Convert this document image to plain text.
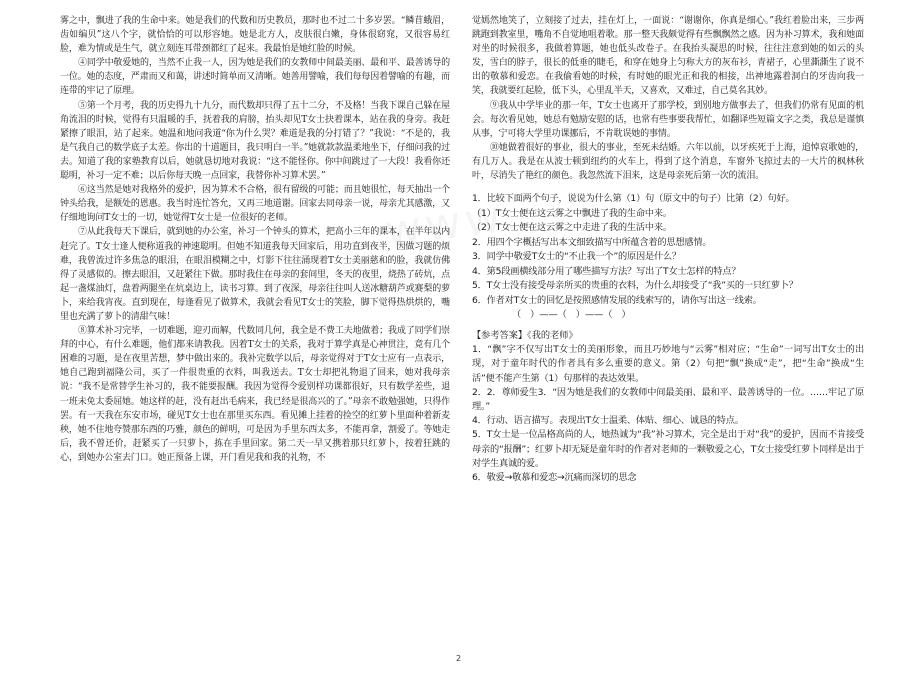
雾之中，飘进了我的生命中来。她是我们的代数和历史教员，那时也不过二十多岁罢。“鳞苜蛾眉，齿如编贝”这八个字，就恰恰的可以形容她。她是北方人，皮肤很白嫩，身体很窈窕，又很容易红脸，难为情或是生气，就立刻连耳带颈都红了起来。我最怕是她红脸的时候。

④同学中敬爱她的，当然不止我一人，因为她是我们的女教师中间最美丽、最和平、最善诱导的一位。她的态度，严肃而又和蔼，讲述时简单而又清晰。她善用譬喻，我们每每因着譬喻的有趣，而连带的牢记了原理。

⑤第一个月考，我的历史得九十九分，而代数却只得了五十二分，不及格！当我下课自己躲在屋角流泪的时候，觉得有只温暖的手，抚着我的肩膀，抬头却见T女士抉着课本，站在我的身旁。我赶紧擦了眼泪，站了起来。她温和地问我道“你为什么哭？难道是我的分打错了？”我说：“不是的，我是气我自己的数学底子太差。你出的十道题目，我只明白一半。”她就款款温柔地坐下，仔细问我的过去。知道了我的家塾教育以后，她就恳切地对我说：“这不能怪你。你中间跳过了一大段！我看你还聪明，补习一定不难；以后你每天晚一点回家，我替你补习算术罢。”

⑥这当然是她对我格外的爱护，因为算术不合格，很有留级的可能；而且她很忙，每天抽出一个钟头给我，是额处的恩惠。我当时连忙答允，又再三地道谢。回家去同母亲一说，母亲尤其感激，又仔细地询问T女士的一切，她觉得T女士是一位很好的老师。

⑦从此我每天下课后，就到她的办公室，补习一个钟头的算术，把高小三年的课本，在半年以内赶完了。T女士逢人便称道我的神速聪明。但她不知道我每天回家后，用功直到夜半，因做习题的烦难，我曾流过许多焦急的眼泪，在眼泪模糊之中，灯影下往往涌现着T女士美丽慈和的脸，我就仿佛得了灵感似的。擦去眼泪，又赶紧往下做。那时我住在母亲的套间里，冬天的夜里，烧热了砖炕，点起一盏煤油灯，盘着两腿坐在炕桌边上，读书习算。到了夜深，母亲往往叫人送冰糖葫芦或赛梨的萝卜，来给我宵夜。直到现在，每逢看见了做算术，我就会看见T女士的笑脸，脚下觉得热烘烘的，嘴里也充满了萝卜的清甜气味！

⑧算术补习完毕，一切难题，迎刃而解，代数同几何，我全是不费工夫地做着；我成了同学们崇拜的中心，有什么难题，他们都来请教我。因着T女士的关系，我对于算学真是心神贯注，竟有几个困难的习题，是在夜里苦想，梦中做出来的。我补完数学以后，母亲觉得对于T女士应有一点表示，她自己跑到福隆公司，买了一件很贵重的衣料，叫我送去。T女士却把礼物退了回来，她对我母亲说：“我不是常替学生补习的，我不能要报酬。我因为觉得令爱别样功课都很好，只有数学差些，退一班未免太委屈她。她这样的赶，没有赶出毛病来，我已经是很高兴的了。”母亲不敢勉强她，只得作罢。有一天我在东安市场，碰见T女士也在那里买东西。看见摊上挂着的捡空的红萝卜里面种着新麦秧，她不住地夸赞那东西的巧雅，颜色的鲜明，可是因为手里东西太多，不能再拿，割爱了。等她走后，我不曾还价，赶紧买了一只萝卜，拣在手里回家。第二天一早又携着那只红萝卜，按着狂跳的心，到她办公室去门口。她正预备上课，开门看见我和我的礼物，不

觉嫣然地笑了，立刻接了过去，挂在灯上，一面说：“谢谢你，你真是细心。”我红着脸出来，三步两跳跑到教室里，嘴角不自觉地咀着歌。那一整天我颇觉得有些飘飘然之感。因为补习算术，我和她面对坐的时候很多，我做着算题，她也低头改卷子。在我抬头凝思的时候，往往注意到她的如云的头发，雪白的脖子，很长的低垂的睫毛，和穿在她身上匀称大方的灰布衫，青裙子，心里澌澌生了说不出的敬慕和爱恋。在我偷看她的时候，有时她的眼光正和我的相接，出神地露着洞白的牙齿向我一笑，我就要红起脸，低下头，心里乱半天，又喜欢，又难过，自己莫名其妙。

⑨我从中学毕业的那一年，T女士也离开了那学校，到别地方做事去了，但我们仍常有见面的机会。每次看见她，她总有勉励安慰的话，也常有些事要我帮忙，如翻译些短篇文字之类，我总是谨慎从事，宁可将大学里功课挪后，不肯耽误她的事情。

⑩她做着很好的事业，很大的事业，至死未结婚。六年以前，以牙疾死于上海，追悼哀歌她的，有几万人。我是在从波士顿到纽约的火车上，得到了这个消息，车窗外飞掠过去的一大片的枫林秋叶，尽消失了艳红的颜色。我忽然流下泪来，这是母亲死后第一次的流泪。

1．比较下面两个句子，说说为什么第（1）句（原文中的句子）比第（2）句好。
（1）T女士便在这云雾之中飘进了我的生命中来。
（2）T女士便在这云雾之中走进了我的生活中来。
2．用四个字概括写出本文细致描写中所蕴含着的思想感情。
3．同学中敬爱T女士的“不止我一个”的原因是什么？
4．第5段画横线部分用了哪些描写方法？写出了T女士怎样的特点？
5．T女士没有接受母亲所买的贵重的衣料，为什么却接受了“我”买的一只红萝卜？
6．作者对T女士的回忆是按照感情发展的线索写的，请你写出这一线索。
（ ）——（ ）——（ ）
【参考答案】《我的老师》
1．“飘”字不仅写出T女士的美丽形象，而且巧妙地与“云雾”相对应；“生命”一词写出T女士的出现，对于童年时代的作者具有多么重要的意义。第（2）句把“飘”换成“走”，把“生命”换成“生活”便不能产生第（1）句那样的表达效果。
2．2．尊师爱生3．“因为她是我们的女教师中间最美丽、最和平、最善诱导的一位。……牢记了原理。”
4．行动、语言描写。表现出T女士温柔、体贴、细心、诚恳的特点。
5．T女士是一位品格高尚的人，她热诚为“我”补习算术，完全是出于对“我”的爱护，因而不肯接受母亲的“报酬”；红萝卜却无疑是童年时的作者对老师的一颗敬爱之心，T女士接受红萝卜同样是出于对学生真诚的爱。
6．敬爱→敬慕和爱恋→沉痛而深切的思念
2
